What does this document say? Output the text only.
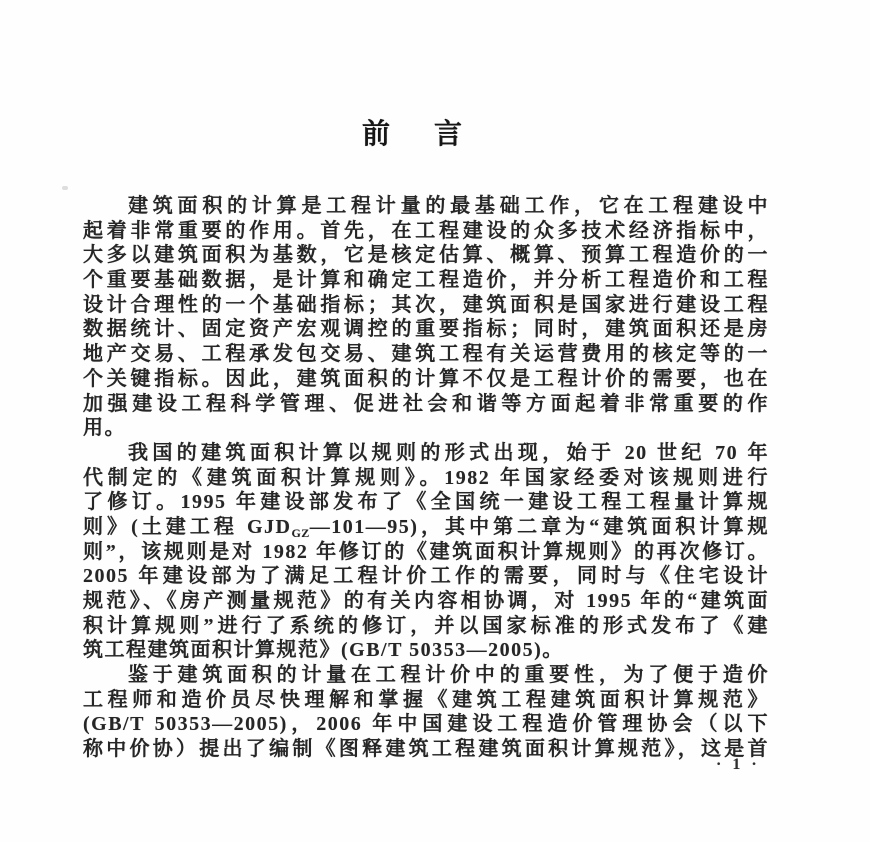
前 言
建筑面积的计算是工程计量的最基础工作，它在工程建设中
起着非常重要的作用。首先，在工程建设的众多技术经济指标中，
大多以建筑面积为基数，它是核定估算、概算、预算工程造价的一
个重要基础数据，是计算和确定工程造价，并分析工程造价和工程
设计合理性的一个基础指标；其次，建筑面积是国家进行建设工程
数据统计、固定资产宏观调控的重要指标；同时，建筑面积还是房
地产交易、工程承发包交易、建筑工程有关运营费用的核定等的一
个关键指标。因此，建筑面积的计算不仅是工程计价的需要，也在
加强建设工程科学管理、促进社会和谐等方面起着非常重要的作
用。
我国的建筑面积计算以规则的形式出现，始于 20 世纪 70 年
代制定的《建筑面积计算规则》。1982 年国家经委对该规则进行
了修订。1995 年建设部发布了《全国统一建设工程工程量计算规
则》(土建工程 $GJD_{GZ}—101—95$)，其中第二章为“建筑面积计算规
则”，该规则是对 1982 年修订的《建筑面积计算规则》的再次修订。
2005 年建设部为了满足工程计价工作的需要，同时与《住宅设计
规范》、《房产测量规范》的有关内容相协调，对 1995 年的“建筑面
积计算规则”进行了系统的修订，并以国家标准的形式发布了《建
筑工程建筑面积计算规范》(GB/T 50353—2005)。
鉴于建筑面积的计量在工程计价中的重要性，为了便于造价
工程师和造价员尽快理解和掌握《建筑工程建筑面积计算规范》
(GB/T 50353—2005)，2006 年中国建设工程造价管理协会（以下
称中价协）提出了编制《图释建筑工程建筑面积计算规范》，这是首
·1·
